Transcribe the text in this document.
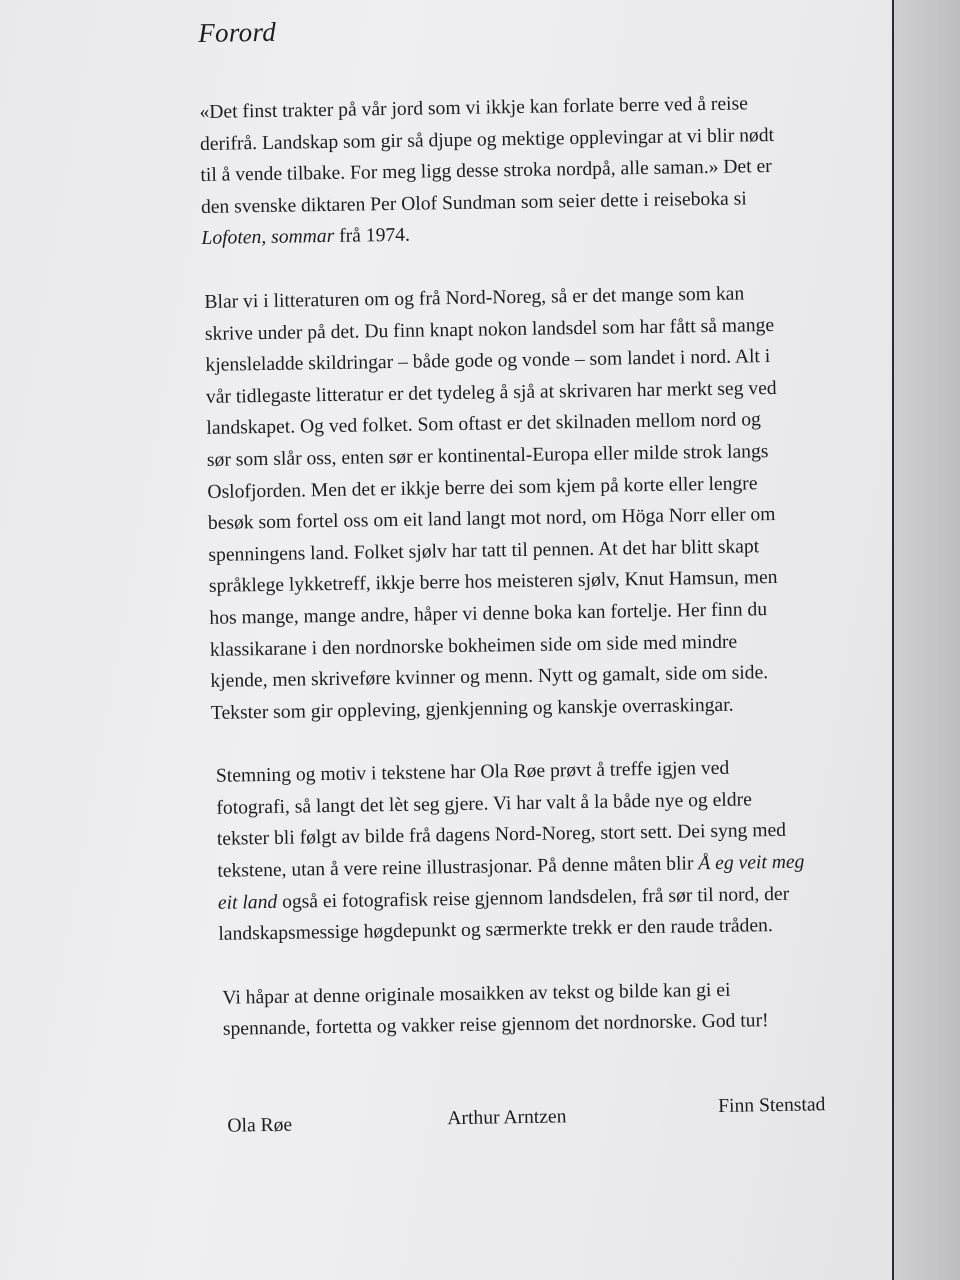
Forord
«Det finst trakter på vår jord som vi ikkje kan forlate berre ved å reise
derifrå. Landskap som gir så djupe og mektige opplevingar at vi blir nødt
til å vende tilbake. For meg ligg desse stroka nordpå, alle saman.» Det er
den svenske diktaren Per Olof Sundman som seier dette i reiseboka si
Lofoten, sommar frå 1974.
Blar vi i litteraturen om og frå Nord-Noreg, så er det mange som kan
skrive under på det. Du finn knapt nokon landsdel som har fått så mange
kjensleladde skildringar – både gode og vonde – som landet i nord. Alt i
vår tidlegaste litteratur er det tydeleg å sjå at skrivaren har merkt seg ved
landskapet. Og ved folket. Som oftast er det skilnaden mellom nord og
sør som slår oss, enten sør er kontinental-Europa eller milde strok langs
Oslofjorden. Men det er ikkje berre dei som kjem på korte eller lengre
besøk som fortel oss om eit land langt mot nord, om Höga Norr eller om
spenningens land. Folket sjølv har tatt til pennen. At det har blitt skapt
språklege lykketreff, ikkje berre hos meisteren sjølv, Knut Hamsun, men
hos mange, mange andre, håper vi denne boka kan fortelje. Her finn du
klassikarane i den nordnorske bokheimen side om side med mindre
kjende, men skriveføre kvinner og menn. Nytt og gamalt, side om side.
Tekster som gir oppleving, gjenkjenning og kanskje overraskingar.
Stemning og motiv i tekstene har Ola Røe prøvt å treffe igjen ved
fotografi, så langt det lèt seg gjere. Vi har valt å la både nye og eldre
tekster bli følgt av bilde frå dagens Nord-Noreg, stort sett. Dei syng med
tekstene, utan å vere reine illustrasjonar. På denne måten blir Å eg veit meg
eit land også ei fotografisk reise gjennom landsdelen, frå sør til nord, der
landskapsmessige høgdepunkt og særmerkte trekk er den raude tråden.
Vi håpar at denne originale mosaikken av tekst og bilde kan gi ei
spennande, fortetta og vakker reise gjennom det nordnorske. God tur!
Ola Røe	Arthur Arntzen
Finn Stenstad
